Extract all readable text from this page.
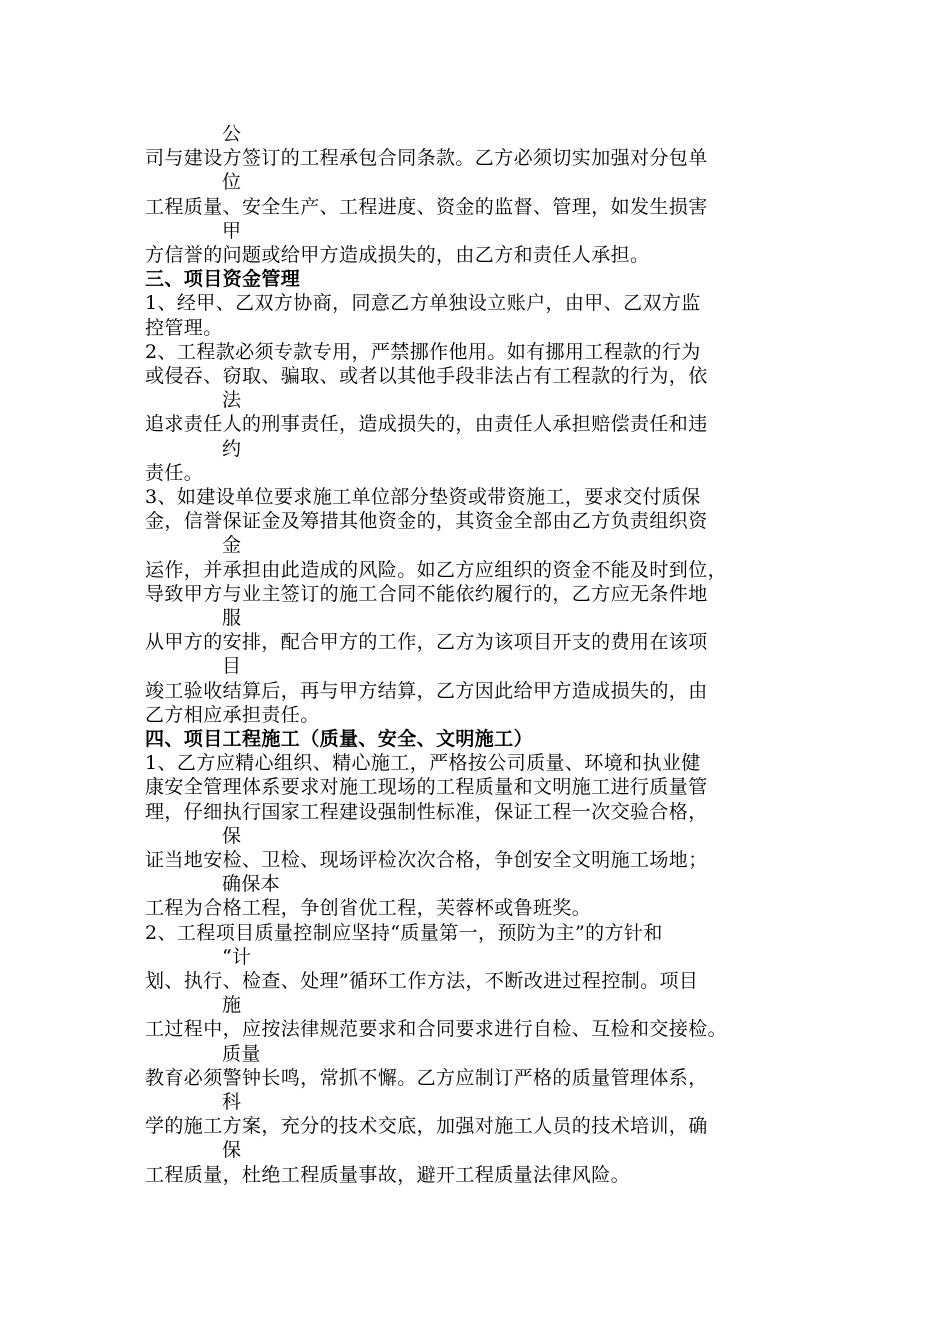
公
司与建设方签订的工程承包合同条款。乙方必须切实加强对分包单
位
工程质量、安全生产、工程进度、资金的监督、管理，如发生损害
甲
方信誉的问题或给甲方造成损失的，由乙方和责任人承担。
三、项目资金管理
1、经甲、乙双方协商，同意乙方单独设立账户，由甲、乙双方监
控管理。
2、工程款必须专款专用，严禁挪作他用。如有挪用工程款的行为
或侵吞、窃取、骗取、或者以其他手段非法占有工程款的行为，依
法
追求责任人的刑事责任，造成损失的，由责任人承担赔偿责任和违
约
责任。
3、如建设单位要求施工单位部分垫资或带资施工，要求交付质保
金，信誉保证金及筹措其他资金的，其资金全部由乙方负责组织资
金
运作，并承担由此造成的风险。如乙方应组织的资金不能及时到位，
导致甲方与业主签订的施工合同不能依约履行的，乙方应无条件地
服
从甲方的安排，配合甲方的工作，乙方为该项目开支的费用在该项
目
竣工验收结算后，再与甲方结算，乙方因此给甲方造成损失的，由
乙方相应承担责任。
四、项目工程施工（质量、安全、文明施工）
1、乙方应精心组织、精心施工，严格按公司质量、环境和执业健
康安全管理体系要求对施工现场的工程质量和文明施工进行质量管
理，仔细执行国家工程建设强制性标准，保证工程一次交验合格，
保
证当地安检、卫检、现场评检次次合格，争创安全文明施工场地；
确保本
工程为合格工程，争创省优工程，芙蓉杯或鲁班奖。
2、工程项目质量控制应坚持“质量第一，预防为主”的方针和
“计
划、执行、检查、处理”循环工作方法，不断改进过程控制。项目
施
工过程中，应按法律规范要求和合同要求进行自检、互检和交接检。
质量
教育必须警钟长鸣，常抓不懈。乙方应制订严格的质量管理体系，
科
学的施工方案，充分的技术交底，加强对施工人员的技术培训，确
保
工程质量，杜绝工程质量事故，避开工程质量法律风险。
